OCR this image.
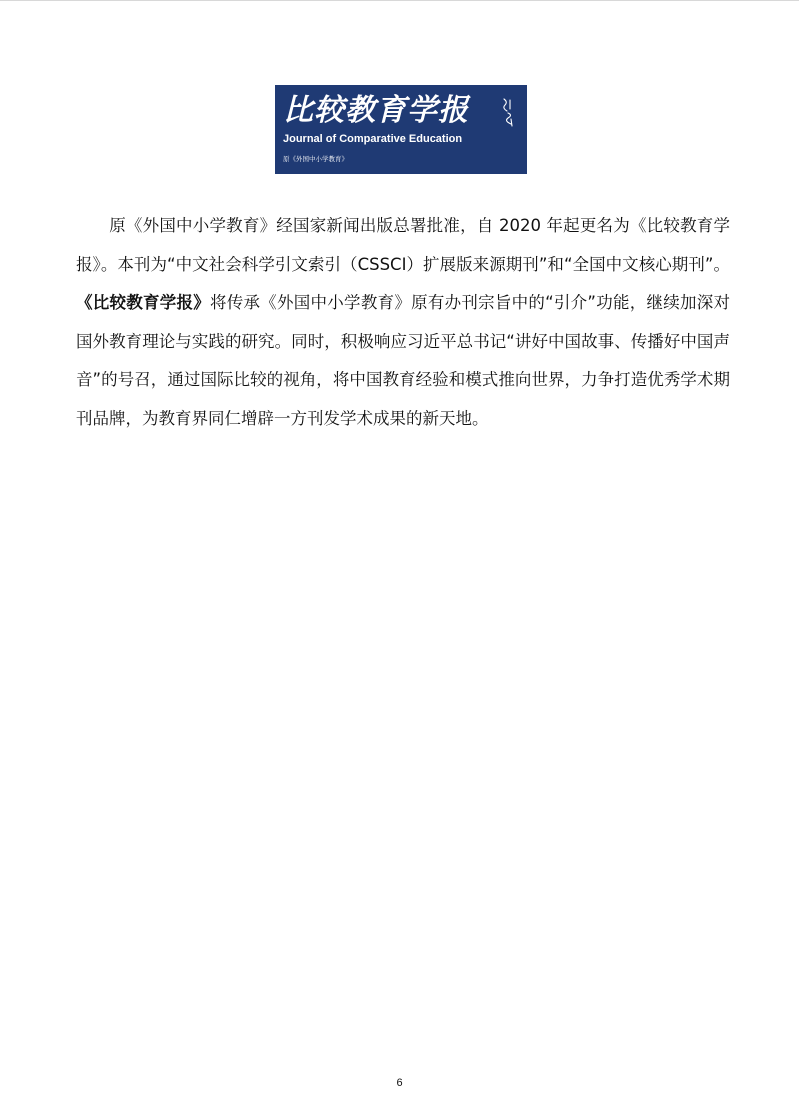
比较教育学报
Journal of Comparative Education
原《外国中小学教育》

原《外国中小学教育》经国家新闻出版总署批准，自 2020 年起更名为《比较教育学报》。本刊为“中文社会科学引文索引（CSSCI）扩展版来源期刊”和“全国中文核心期刊”。《比较教育学报》将传承《外国中小学教育》原有办刊宗旨中的“引介”功能，继续加深对国外教育理论与实践的研究。同时，积极响应习近平总书记“讲好中国故事、传播好中国声音”的号召，通过国际比较的视角，将中国教育经验和模式推向世界，力争打造优秀学术期刊品牌，为教育界同仁增辟一方刊发学术成果的新天地。

6
